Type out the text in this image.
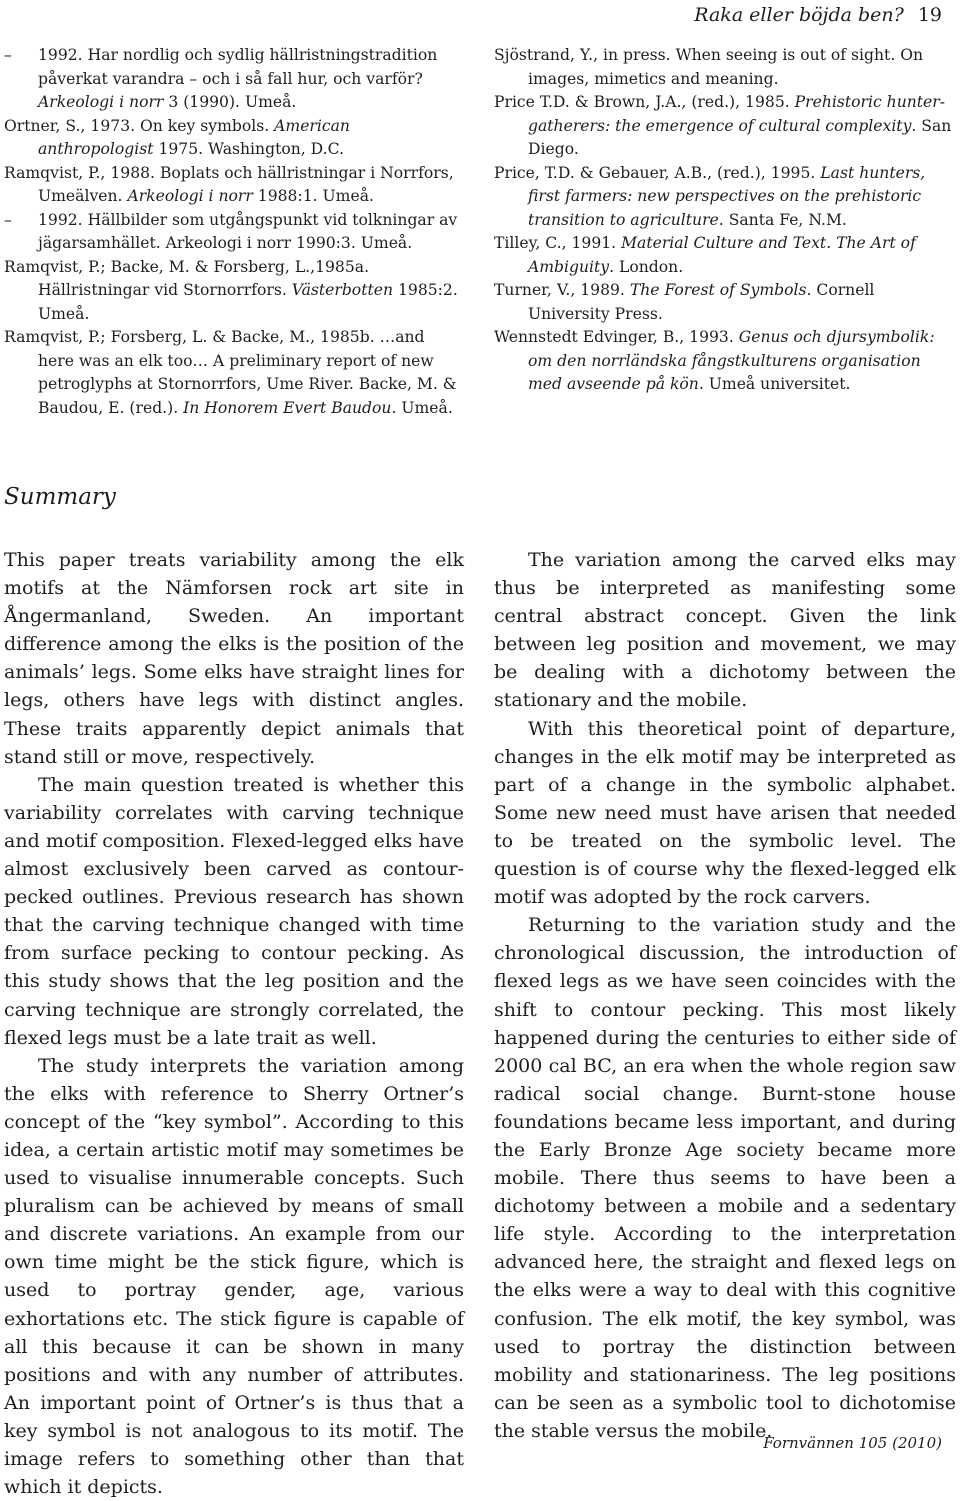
Raka eller böjda ben? 19

– 1992. Har nordlig och sydlig hällristningstradition påverkat varandra – och i så fall hur, och varför? Arkeologi i norr 3 (1990). Umeå.

Ortner, S., 1973. On key symbols. American anthropologist 1975. Washington, D.C.

Ramqvist, P., 1988. Boplats och hällristningar i Norrfors, Umeälven. Arkeologi i norr 1988:1. Umeå.

– 1992. Hällbilder som utgångspunkt vid tolkningar av jägarsamhället. Arkeologi i norr 1990:3. Umeå.

Ramqvist, P.; Backe, M. & Forsberg, L.,1985a. Hällristningar vid Stornorrfors. Västerbotten 1985:2. Umeå.

Ramqvist, P.; Forsberg, L. & Backe, M., 1985b. …and here was an elk too… A preliminary report of new petroglyphs at Stornorrfors, Ume River. Backe, M. & Baudou, E. (red.). In Honorem Evert Baudou. Umeå.

Sjöstrand, Y., in press. When seeing is out of sight. On images, mimetics and meaning.

Price T.D. & Brown, J.A., (red.), 1985. Prehistoric hunter-gatherers: the emergence of cultural complexity. San Diego.

Price, T.D. & Gebauer, A.B., (red.), 1995. Last hunters, first farmers: new perspectives on the prehistoric transition to agriculture. Santa Fe, N.M.

Tilley, C., 1991. Material Culture and Text. The Art of Ambiguity. London.

Turner, V., 1989. The Forest of Symbols. Cornell University Press.

Wennstedt Edvinger, B., 1993. Genus och djursymbolik: om den norrländska fångstkulturens organisation med avseende på kön. Umeå universitet.

Summary

This paper treats variability among the elk motifs at the Nämforsen rock art site in Ångermanland, Sweden. An important difference among the elks is the position of the animals’ legs. Some elks have straight lines for legs, others have legs with distinct angles. These traits apparently depict animals that stand still or move, respectively.

The main question treated is whether this variability correlates with carving technique and motif composition. Flexed-legged elks have almost exclusively been carved as contour-pecked outlines. Previous research has shown that the carving technique changed with time from surface pecking to contour pecking. As this study shows that the leg position and the carving technique are strongly correlated, the flexed legs must be a late trait as well.

The study interprets the variation among the elks with reference to Sherry Ortner’s concept of the “key symbol”. According to this idea, a certain artistic motif may sometimes be used to visualise innumerable concepts. Such pluralism can be achieved by means of small and discrete variations. An example from our own time might be the stick figure, which is used to portray gender, age, various exhortations etc. The stick figure is capable of all this because it can be shown in many positions and with any number of attributes. An important point of Ortner’s is thus that a key symbol is not analogous to its motif. The image refers to something other than that which it depicts.

The variation among the carved elks may thus be interpreted as manifesting some central abstract concept. Given the link between leg position and movement, we may be dealing with a dichotomy between the stationary and the mobile.

With this theoretical point of departure, changes in the elk motif may be interpreted as part of a change in the symbolic alphabet. Some new need must have arisen that needed to be treated on the symbolic level. The question is of course why the flexed-legged elk motif was adopted by the rock carvers.

Returning to the variation study and the chronological discussion, the introduction of flexed legs as we have seen coincides with the shift to contour pecking. This most likely happened during the centuries to either side of 2000 cal BC, an era when the whole region saw radical social change. Burnt-stone house foundations became less important, and during the Early Bronze Age society became more mobile. There thus seems to have been a dichotomy between a mobile and a sedentary life style. According to the interpretation advanced here, the straight and flexed legs on the elks were a way to deal with this cognitive confusion. The elk motif, the key symbol, was used to portray the distinction between mobility and stationariness. The leg positions can be seen as a symbolic tool to dichotomise the stable versus the mobile.

Fornvännen 105 (2010)
